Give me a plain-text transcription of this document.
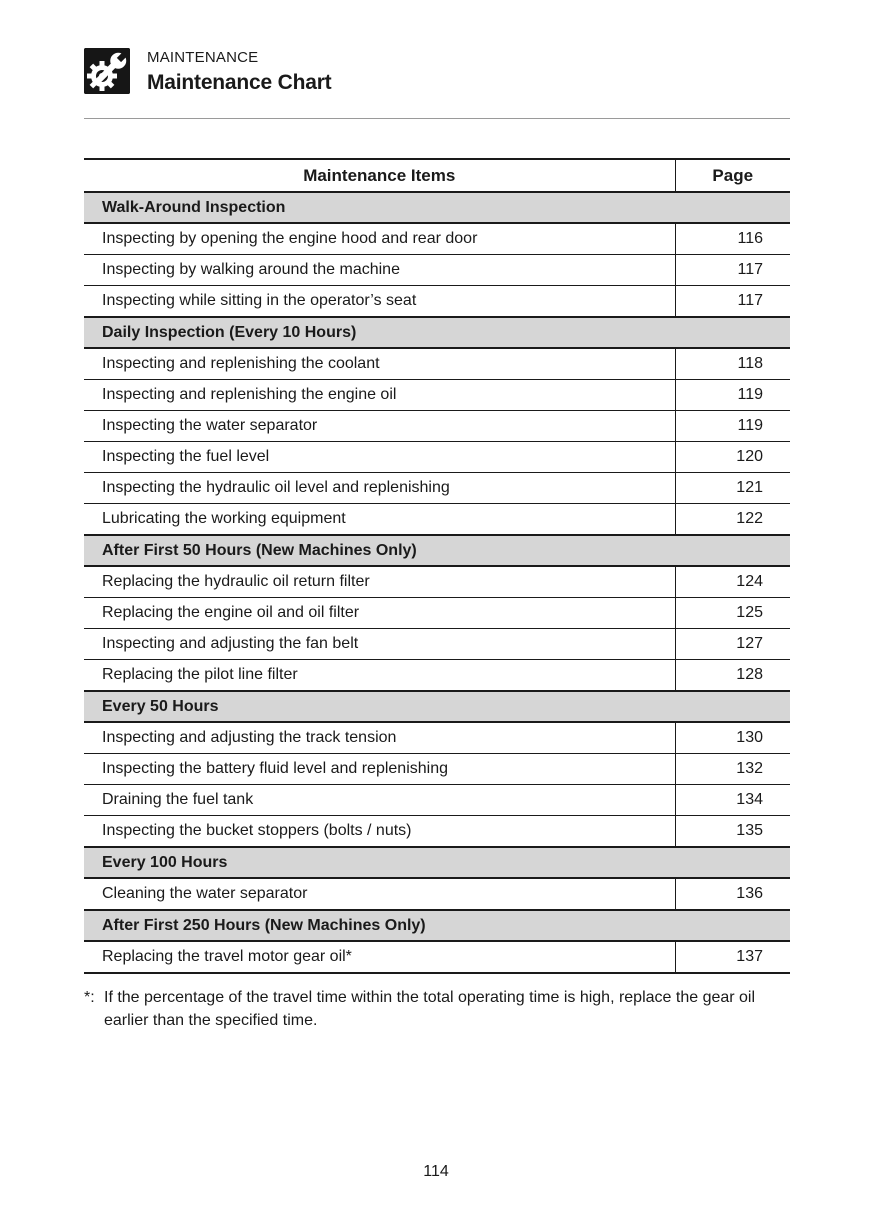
MAINTENANCE
Maintenance Chart
Maintenance Items	Page
Walk-Around Inspection	
Inspecting by opening the engine hood and rear door	116
Inspecting by walking around the machine	117
Inspecting while sitting in the operator’s seat	117
Daily Inspection (Every 10 Hours)	
Inspecting and replenishing the coolant	118
Inspecting and replenishing the engine oil	119
Inspecting the water separator	119
Inspecting the fuel level	120
Inspecting the hydraulic oil level and replenishing	121
Lubricating the working equipment	122
After First 50 Hours (New Machines Only)	
Replacing the hydraulic oil return filter	124
Replacing the engine oil and oil filter	125
Inspecting and adjusting the fan belt	127
Replacing the pilot line filter	128
Every 50 Hours	
Inspecting and adjusting the track tension	130
Inspecting the battery fluid level and replenishing	132
Draining the fuel tank	134
Inspecting the bucket stoppers (bolts / nuts)	135
Every 100 Hours	
Cleaning the water separator	136
After First 250 Hours (New Machines Only)	
Replacing the travel motor gear oil*	137
*: If the percentage of the travel time within the total operating time is high, replace the gear oil earlier than the specified time.
114
